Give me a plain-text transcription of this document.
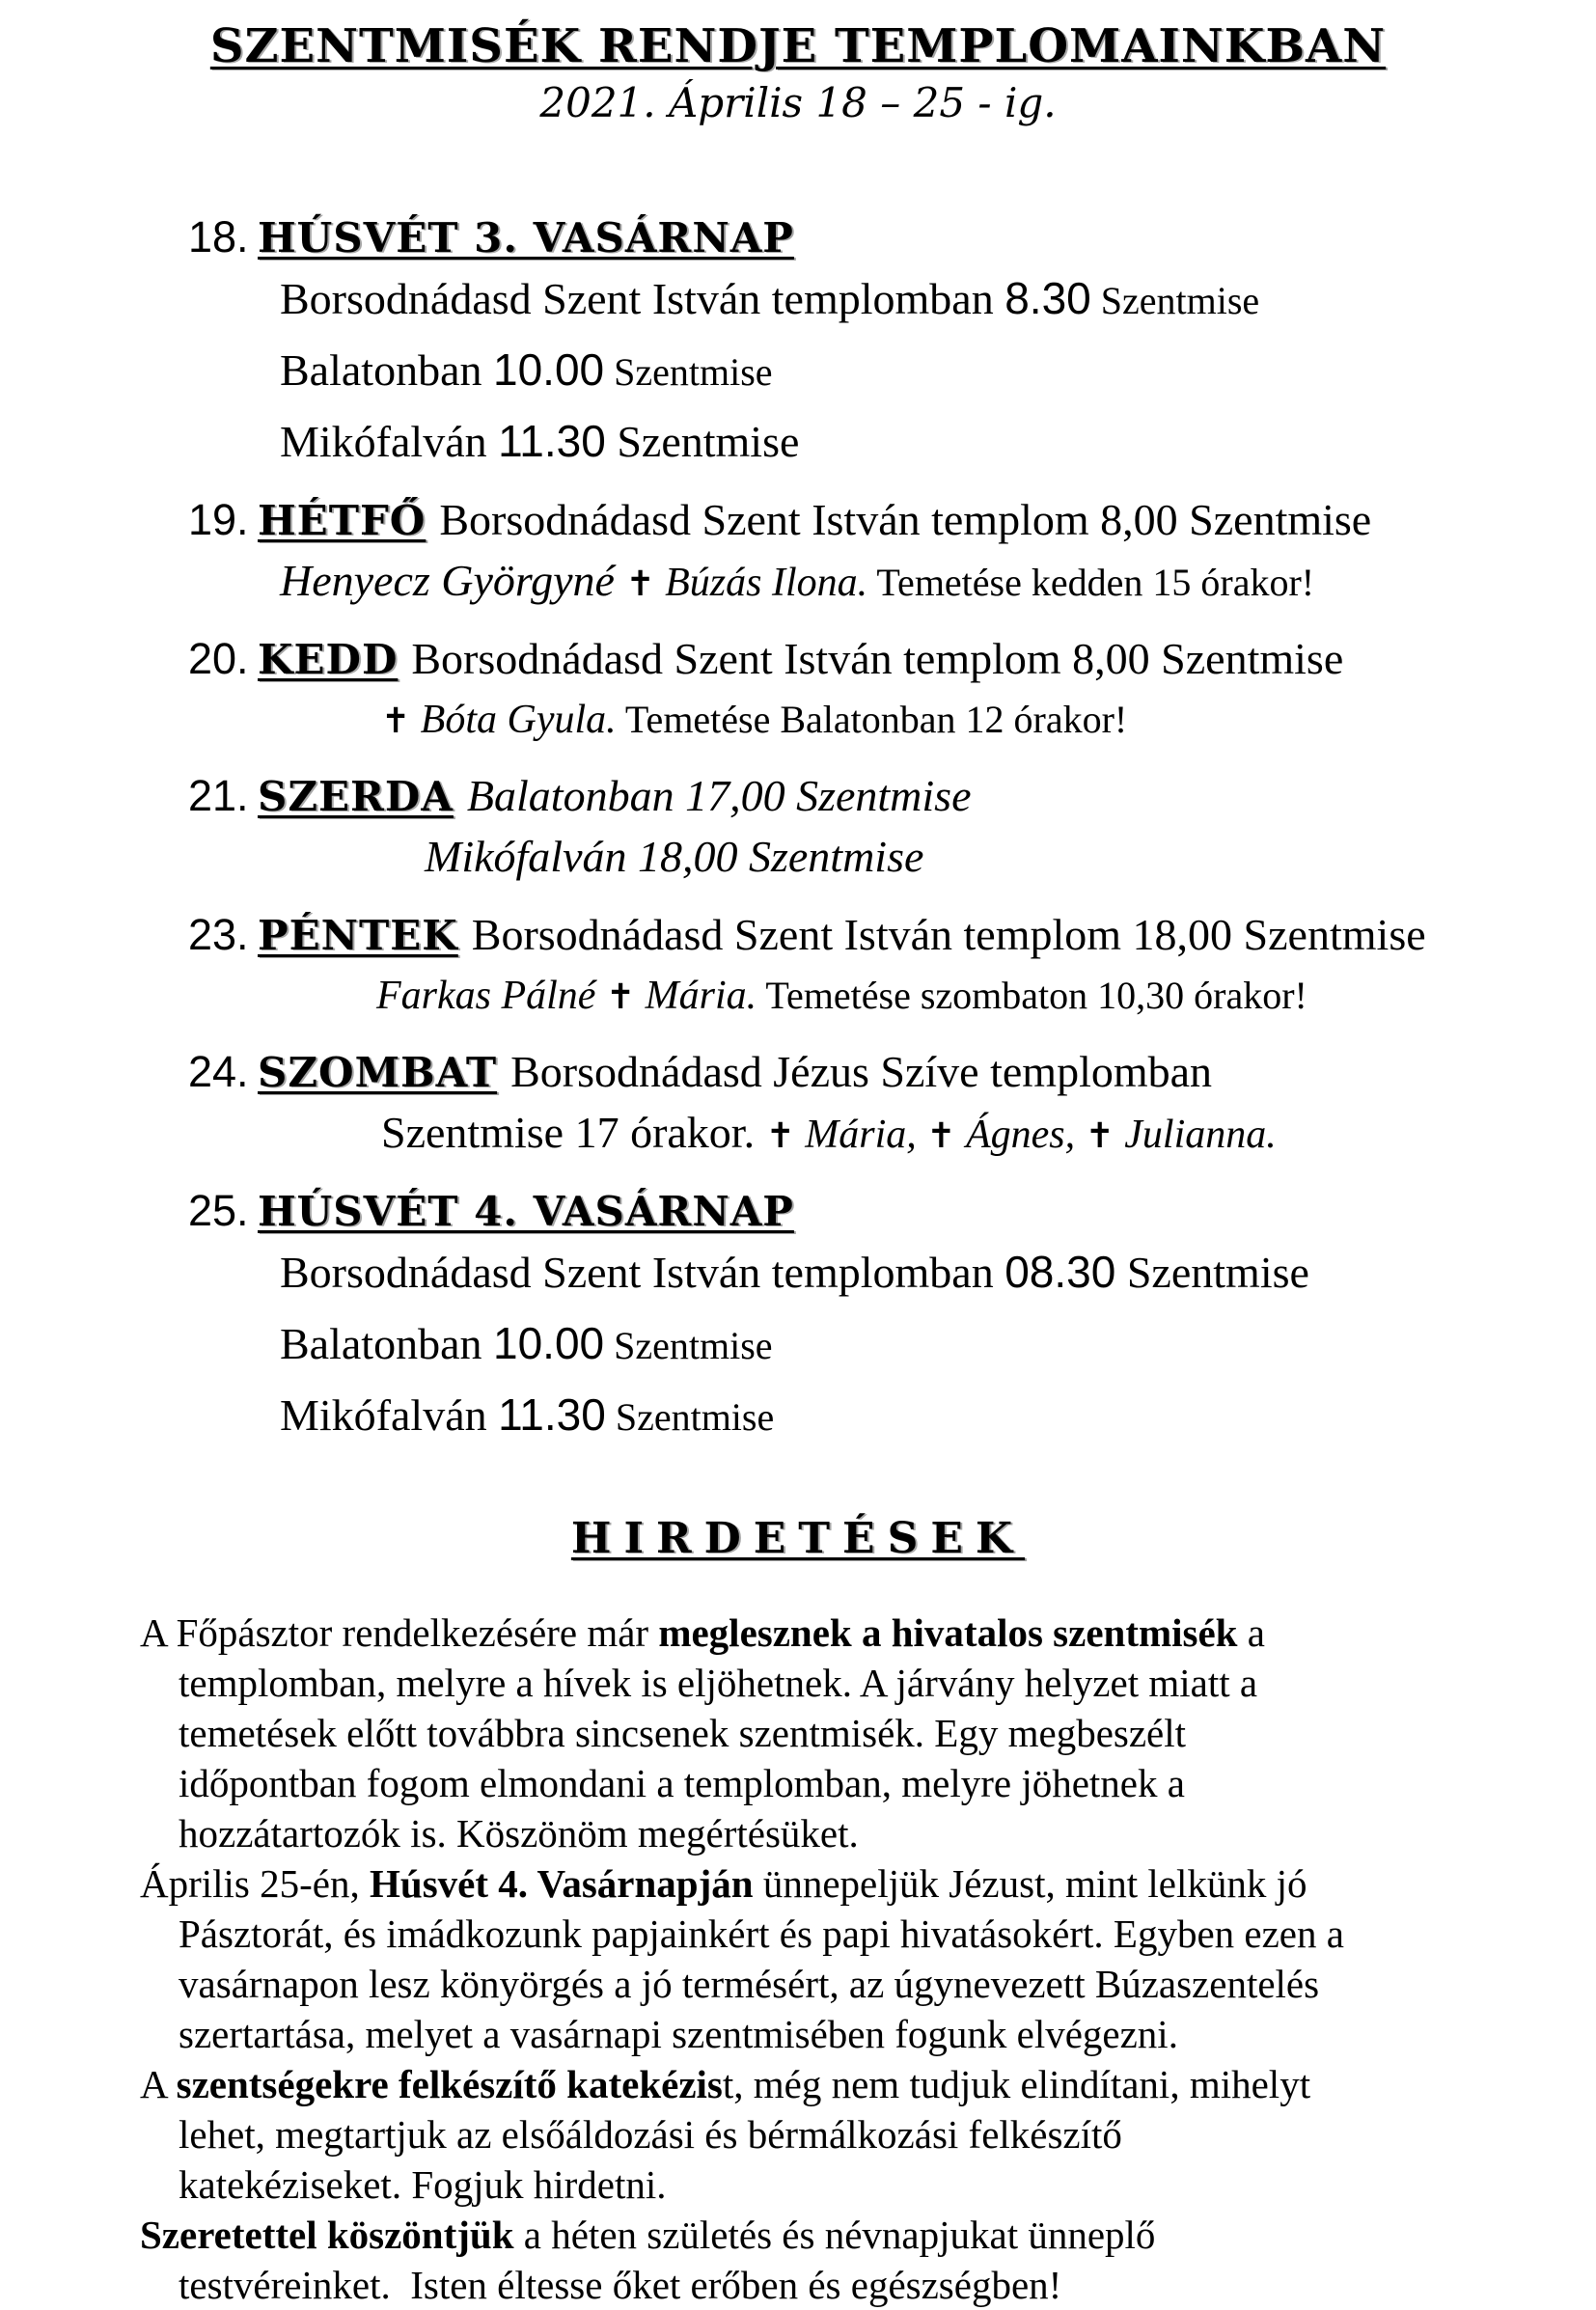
SZENTMISÉK RENDJE TEMPLOMAINKBAN
2021. Április 18 – 25 - ig.
18. HÚSVÉT 3. VASÁRNAP
Borsodnádasd Szent István templomban 8.30 Szentmise
Balatonban 10.00 Szentmise
Mikófalván 11.30 Szentmise
19. HÉTFŐ Borsodnádasd Szent István templom 8,00 Szentmise
Henyecz Györgyné ✝ Búzás Ilona. Temetése kedden 15 órakor!
20. KEDD Borsodnádasd Szent István templom 8,00 Szentmise
✝ Bóta Gyula. Temetése Balatonban 12 órakor!
21. SZERDA Balatonban 17,00 Szentmise
Mikófalván 18,00 Szentmise
23. PÉNTEK Borsodnádasd Szent István templom 18,00 Szentmise
Farkas Pálné ✝ Mária. Temetése szombaton 10,30 órakor!
24. SZOMBAT Borsodnádasd Jézus Szíve templomban
Szentmise 17 órakor. ✝ Mária, ✝ Ágnes, ✝ Julianna.
25. HÚSVÉT 4. VASÁRNAP
Borsodnádasd Szent István templomban 08.30 Szentmise
Balatonban 10.00 Szentmise
Mikófalván 11.30 Szentmise
HIRDETÉSEK
A Főpásztor rendelkezésére már meglesznek a hivatalos szentmisék a
templomban, melyre a hívek is eljöhetnek. A járvány helyzet miatt a
temetések előtt továbbra sincsenek szentmisék. Egy megbeszélt
időpontban fogom elmondani a templomban, melyre jöhetnek a
hozzátartozók is. Köszönöm megértésüket.
Április 25-én, Húsvét 4. Vasárnapján ünnepeljük Jézust, mint lelkünk jó
Pásztorát, és imádkozunk papjainkért és papi hivatásokért. Egyben ezen a
vasárnapon lesz könyörgés a jó termésért, az úgynevezett Búzaszentelés
szertartása, melyet a vasárnapi szentmisében fogunk elvégezni.
A szentségekre felkészítő katekézist, még nem tudjuk elindítani, mihelyt
lehet, megtartjuk az elsőáldozási és bérmálkozási felkészítő
katekéziseket. Fogjuk hirdetni.
Szeretettel köszöntjük a héten születés és névnapjukat ünneplő
testvéreinket.  Isten éltesse őket erőben és egészségben!
